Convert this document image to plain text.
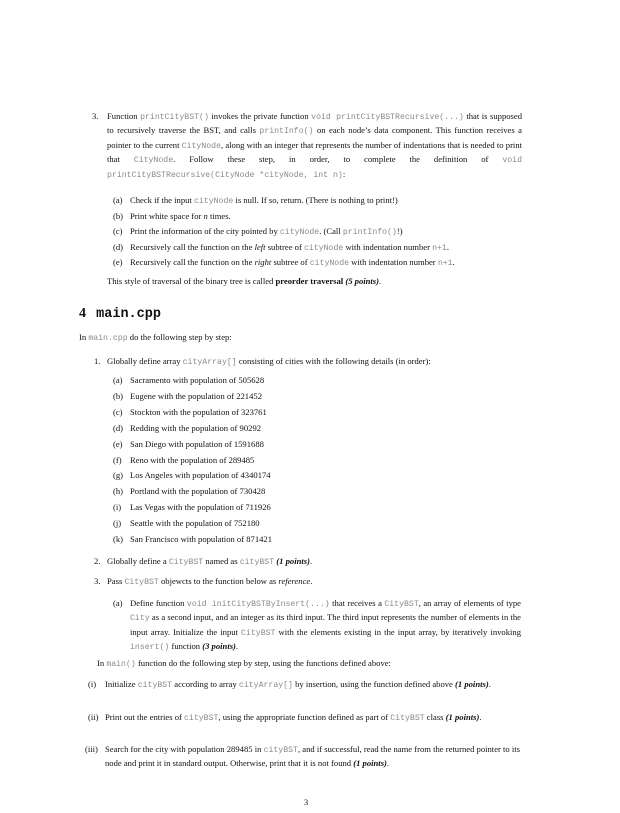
3. Function printCityBST() invokes the private function void printCityBSTRecursive(...) that is supposed to recursively traverse the BST, and calls printInfo() on each node’s data component. This function receives a pointer to the current CityNode, along with an integer that represents the number of indentations that is needed to print that CityNode. Follow these step, in order, to complete the definition of void printCityBSTRecursive(CityNode *cityNode, int n):

(a) Check if the input cityNode is null. If so, return. (There is nothing to print!)

(b) Print white space for n times.

(c) Print the information of the city pointed by cityNode. (Call printInfo()!)

(d) Recursively call the function on the left subtree of cityNode with indentation number n+1.

(e) Recursively call the function on the right subtree of cityNode with indentation number n+1.

This style of traversal of the binary tree is called preorder traversal (5 points).

4 main.cpp

In main.cpp do the following step by step:

1. Globally define array cityArray[] consisting of cities with the following details (in order):

(a) Sacramento with population of 505628
(b) Eugene with the population of 221452
(c) Stockton with the population of 323761
(d) Redding with the population of 90292
(e) San Diego with population of 1591688
(f) Reno with the population of 289485
(g) Los Angeles with population of 4340174
(h) Portland with the population of 730428
(i) Las Vegas with the population of 711926
(j) Seattle with the population of 752180
(k) San Francisco with population of 871421
2. Globally define a CityBST named as cityBST (1 points).

3. Pass CityBST objewcts to the function below as reference.

(a) Define function void initCityBSTByInsert(...) that receives a CityBST, an array of elements of type City as a second input, and an integer as its third input. The third input represents the number of elements in the input array. Initialize the input CityBST with the elements existing in the input array, by iteratively invoking insert() function (3 points).

In main() function do the following step by step, using the functions defined above:

(i) Initialize cityBST according to array cityArray[] by insertion, using the function defined above (1 points).

(ii) Print out the entries of cityBST, using the appropriate function defined as part of CityBST class (1 points).

(iii) Search for the city with population 289485 in cityBST, and if successful, read the name from the returned pointer to its node and print it in standard output. Otherwise, print that it is not found (1 points).

3
